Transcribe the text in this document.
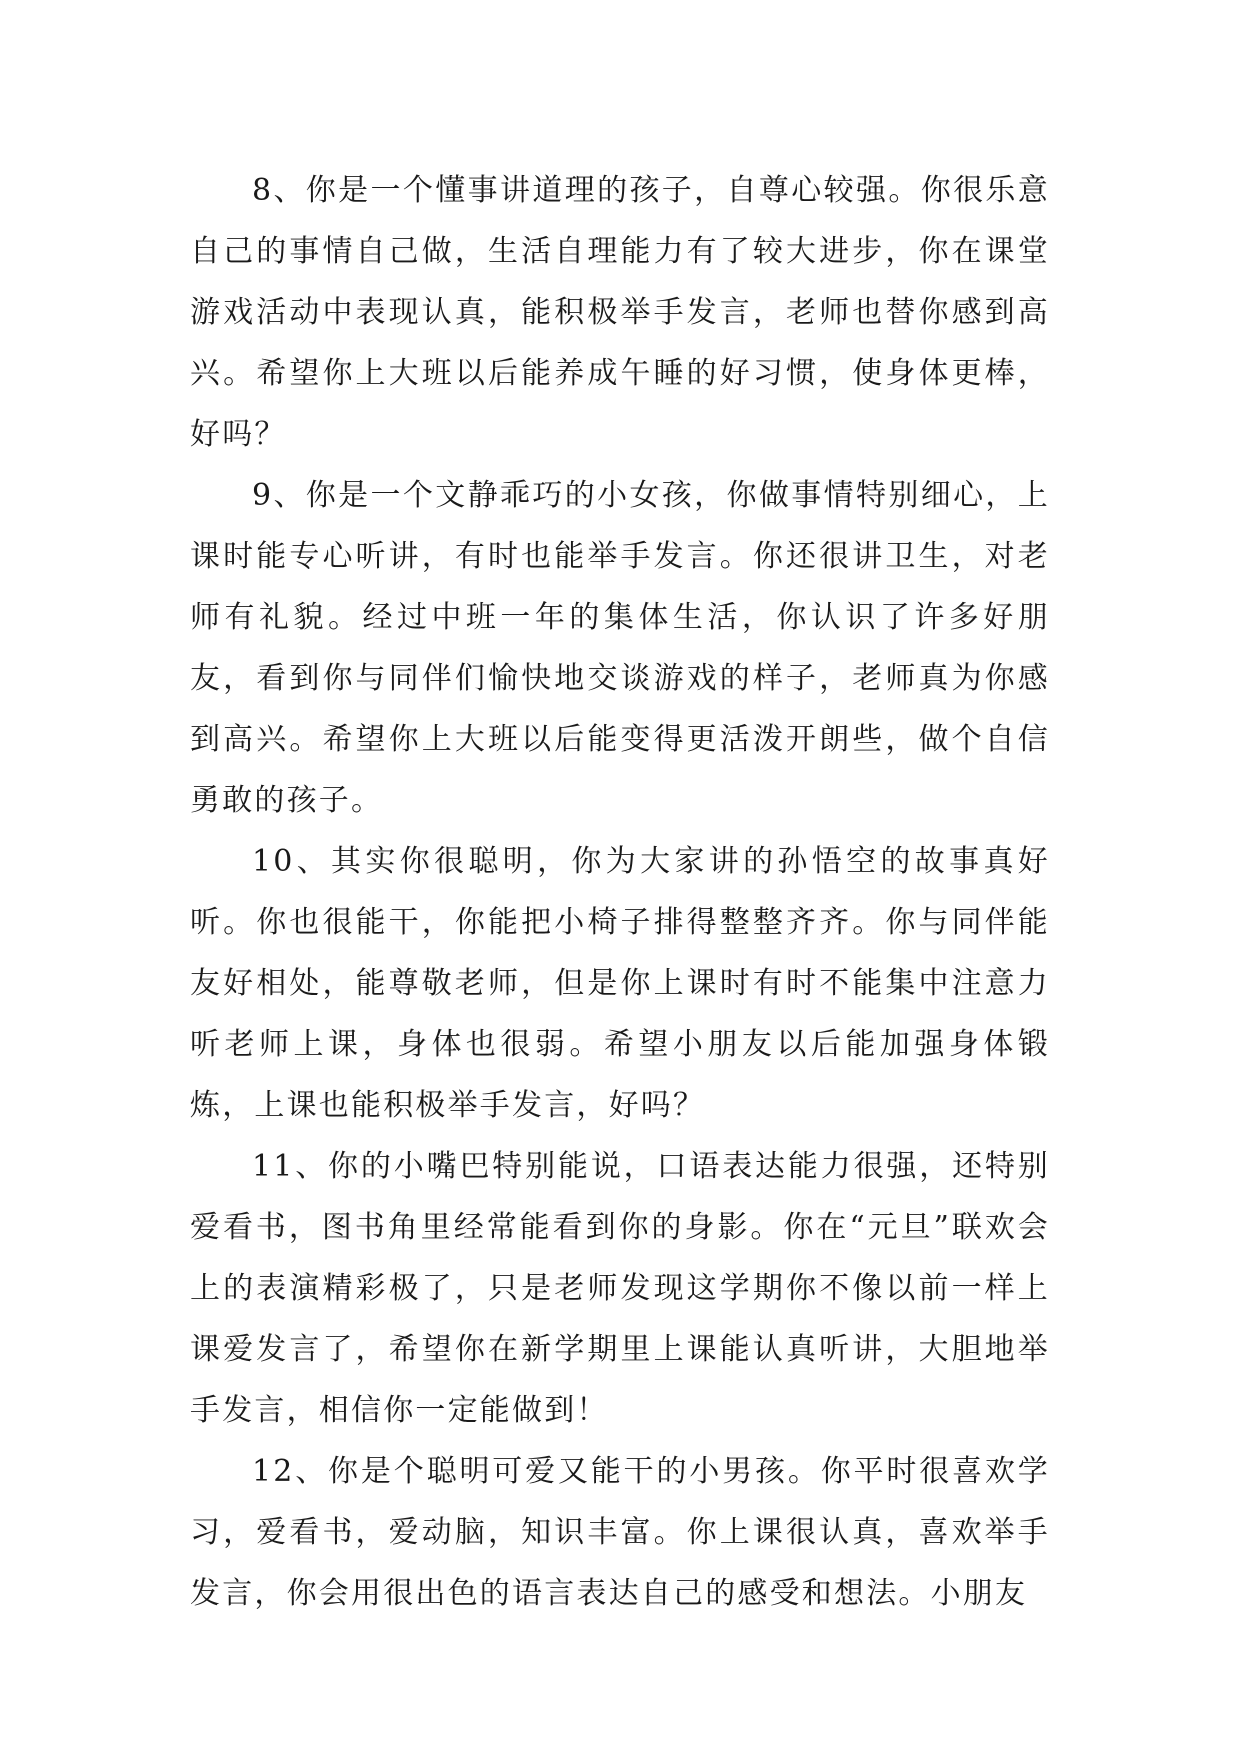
8、你是一个懂事讲道理的孩子，自尊心较强。你很乐意自己的事情自己做，生活自理能力有了较大进步，你在课堂游戏活动中表现认真，能积极举手发言，老师也替你感到高兴。希望你上大班以后能养成午睡的好习惯，使身体更棒，好吗？

9、你是一个文静乖巧的小女孩，你做事情特别细心，上课时能专心听讲，有时也能举手发言。你还很讲卫生，对老师有礼貌。经过中班一年的集体生活，你认识了许多好朋友，看到你与同伴们愉快地交谈游戏的样子，老师真为你感到高兴。希望你上大班以后能变得更活泼开朗些，做个自信勇敢的孩子。

10、其实你很聪明，你为大家讲的孙悟空的故事真好听。你也很能干，你能把小椅子排得整整齐齐。你与同伴能友好相处，能尊敬老师，但是你上课时有时不能集中注意力听老师上课，身体也很弱。希望小朋友以后能加强身体锻炼，上课也能积极举手发言，好吗？

11、你的小嘴巴特别能说，口语表达能力很强，还特别爱看书，图书角里经常能看到你的身影。你在“元旦”联欢会上的表演精彩极了，只是老师发现这学期你不像以前一样上课爱发言了，希望你在新学期里上课能认真听讲，大胆地举手发言，相信你一定能做到！

12、你是个聪明可爱又能干的小男孩。你平时很喜欢学习，爱看书，爱动脑，知识丰富。你上课很认真，喜欢举手发言，你会用很出色的语言表达自己的感受和想法。小朋友
